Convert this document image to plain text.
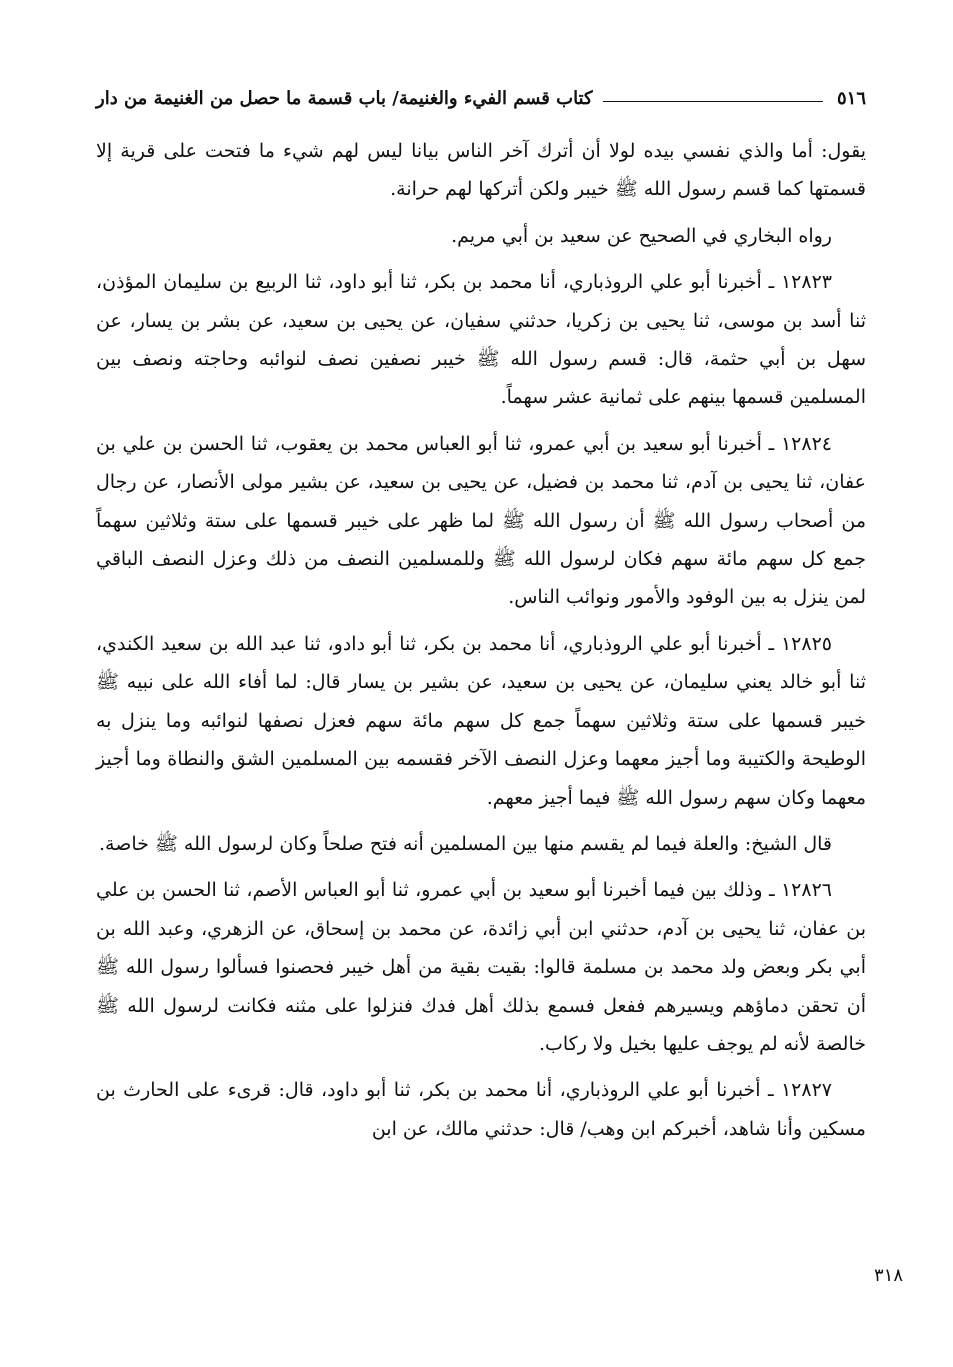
٥١٦
كتاب قسم الفيء والغنيمة/ باب قسمة ما حصل من الغنيمة من دار

يقول: أما والذي نفسي بيده لولا أن أترك آخر الناس بيانا ليس لهم شيء ما فتحت على قرية إلا قسمتها كما قسم رسول الله ﷺ خيبر ولكن أتركها لهم حرانة.

رواه البخاري في الصحيح عن سعيد بن أبي مريم.

١٢٨٢٣ ـ أخبرنا أبو علي الروذباري، أنا محمد بن بكر، ثنا أبو داود، ثنا الربيع بن سليمان المؤذن، ثنا أسد بن موسى، ثنا يحيى بن زكريا، حدثني سفيان، عن يحيى بن سعيد، عن بشر بن يسار، عن سهل بن أبي حثمة، قال: قسم رسول الله ﷺ خيبر نصفين نصف لنوائبه وحاجته ونصف بين المسلمين قسمها بينهم على ثمانية عشر سهماً.

١٢٨٢٤ ـ أخبرنا أبو سعيد بن أبي عمرو، ثنا أبو العباس محمد بن يعقوب، ثنا الحسن بن علي بن عفان، ثنا يحيى بن آدم، ثنا محمد بن فضيل، عن يحيى بن سعيد، عن بشير مولى الأنصار، عن رجال من أصحاب رسول الله ﷺ أن رسول الله ﷺ لما ظهر على خيبر قسمها على ستة وثلاثين سهماً جمع كل سهم مائة سهم فكان لرسول الله ﷺ وللمسلمين النصف من ذلك وعزل النصف الباقي لمن ينزل به بين الوفود والأمور ونوائب الناس.

١٢٨٢٥ ـ أخبرنا أبو علي الروذباري، أنا محمد بن بكر، ثنا أبو دادو، ثنا عبد الله بن سعيد الكندي، ثنا أبو خالد يعني سليمان، عن يحيى بن سعيد، عن بشير بن يسار قال: لما أفاء الله على نبيه ﷺ خيبر قسمها على ستة وثلاثين سهماً جمع كل سهم مائة سهم فعزل نصفها لنوائبه وما ينزل به الوطيحة والكتيبة وما أجيز معهما وعزل النصف الآخر فقسمه بين المسلمين الشق والنطاة وما أجيز معهما وكان سهم رسول الله ﷺ فيما أجيز معهم.

قال الشيخ: والعلة فيما لم يقسم منها بين المسلمين أنه فتح صلحاً وكان لرسول الله ﷺ خاصة.

١٢٨٢٦ ـ وذلك بين فيما أخبرنا أبو سعيد بن أبي عمرو، ثنا أبو العباس الأصم، ثنا الحسن بن علي بن عفان، ثنا يحيى بن آدم، حدثني ابن أبي زائدة، عن محمد بن إسحاق، عن الزهري، وعبد الله بن أبي بكر وبعض ولد محمد بن مسلمة قالوا: بقيت بقية من أهل خيبر فحصنوا فسألوا رسول الله ﷺ أن تحقن دماؤهم ويسيرهم ففعل فسمع بذلك أهل فدك فنزلوا على مثنه فكانت لرسول الله ﷺ خالصة لأنه لم يوجف عليها بخيل ولا ركاب.

١٢٨٢٧ ـ أخبرنا أبو علي الروذباري، أنا محمد بن بكر، ثنا أبو داود، قال: قرىء على الحارث بن مسكين وأنا شاهد، أخبركم ابن وهب/ قال: حدثني مالك، عن ابن

٣١٨
